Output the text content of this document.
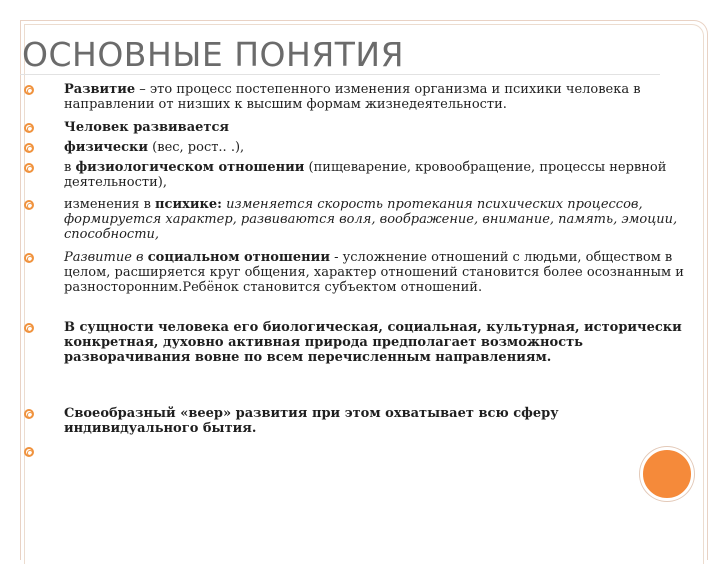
ОСНОВНЫЕ ПОНЯТИЯ
Развитие – это процесс постепенного изменения организма и психики человека в направлении от низших к высшим формам жизнедеятельности.
Человек развивается
физически (вес, рост.. .),
в физиологическом отношении (пищеварение, кровообращение, процессы нервной деятельности),
изменения в психике: изменяется скорость протекания психических процессов, формируется характер, развиваются воля, воображение, внимание, память, эмоции, способности,
Развитие в социальном отношении - усложнение отношений с людьми, обществом в целом, расширяется круг общения, характер отношений становится более осознанным и разносторонним.Ребёнок становится субъектом отношений.
В сущности человека его биологическая, социальная, культурная, исторически конкретная, духовно активная природа предполагает возможность разворачивания вовне по всем перечисленным направлениям.
Своеобразный «веер» развития при этом охватывает всю сферу индивидуального бытия.
